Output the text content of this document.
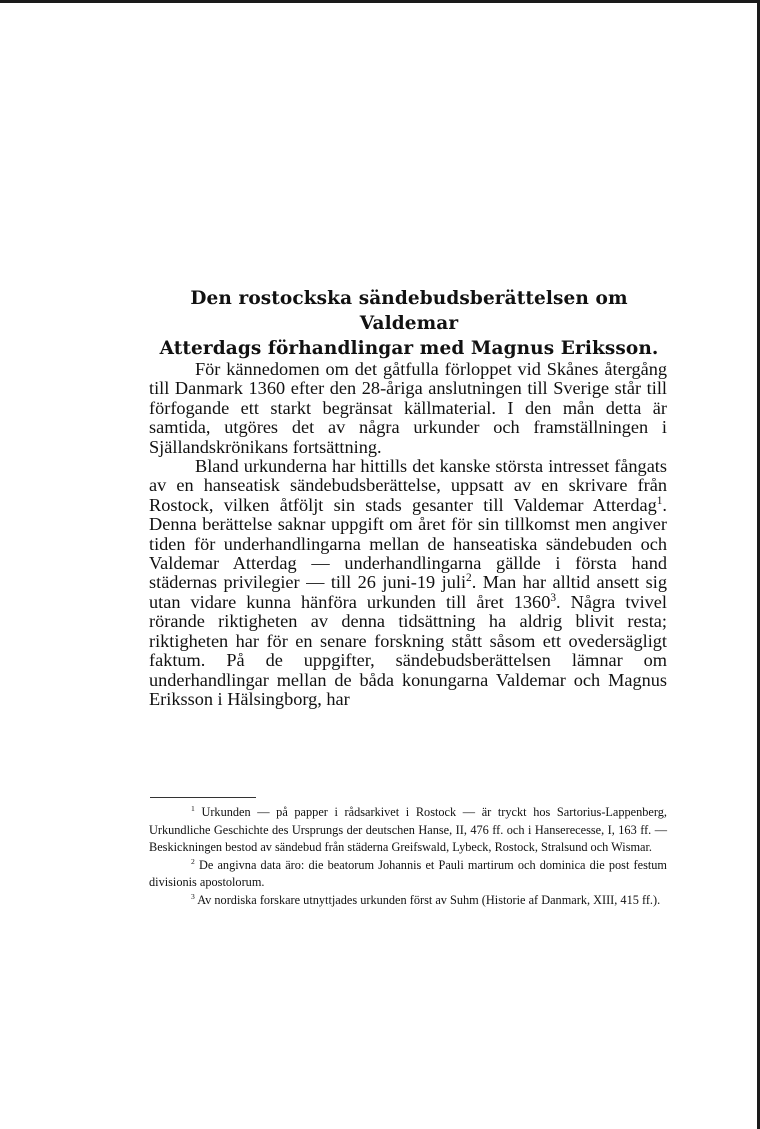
Den rostockska sändebudsberättelsen om Valdemar
Atterdags förhandlingar med Magnus Eriksson.

För kännedomen om det gåtfulla förloppet vid Skånes återgång till Danmark 1360 efter den 28-åriga anslutningen till Sverige står till förfogande ett starkt begränsat källmaterial. I den mån detta är samtida, utgöres det av några urkunder och framställningen i Själlandskrönikans fortsättning.

Bland urkunderna har hittills det kanske största intresset fångats av en hanseatisk sändebudsberättelse, uppsatt av en skrivare från Rostock, vilken åtföljt sin stads gesanter till Valdemar Atterdag$^1$. Denna berättelse saknar uppgift om året för sin tillkomst men angiver tiden för underhandlingarna mellan de hanseatiska sändebuden och Valdemar Atterdag — underhandlingarna gällde i första hand städernas privilegier — till 26 juni-19 juli$^2$. Man har alltid ansett sig utan vidare kunna hänföra urkunden till året 1360$^3$. Några tvivel rörande riktigheten av denna tidsättning ha aldrig blivit resta; riktigheten har för en senare forskning stått såsom ett ovedersägligt faktum. På de uppgifter, sändebudsberättelsen lämnar om underhandlingar mellan de båda konungarna Valdemar och Magnus Eriksson i Hälsingborg, har

$^1$ Urkunden — på papper i rådsarkivet i Rostock — är tryckt hos Sartorius-Lappenberg, Urkundliche Geschichte des Ursprungs der deutschen Hanse, II, 476 ff. och i Hanserecesse, I, 163 ff. — Beskickningen bestod av sändebud från städerna Greifswald, Lybeck, Rostock, Stralsund och Wismar.

$^2$ De angivna data äro: die beatorum Johannis et Pauli martirum och dominica die post festum divisionis apostolorum.

$^3$ Av nordiska forskare utnyttjades urkunden först av Suhm (Historie af Danmark, XIII, 415 ff.).
